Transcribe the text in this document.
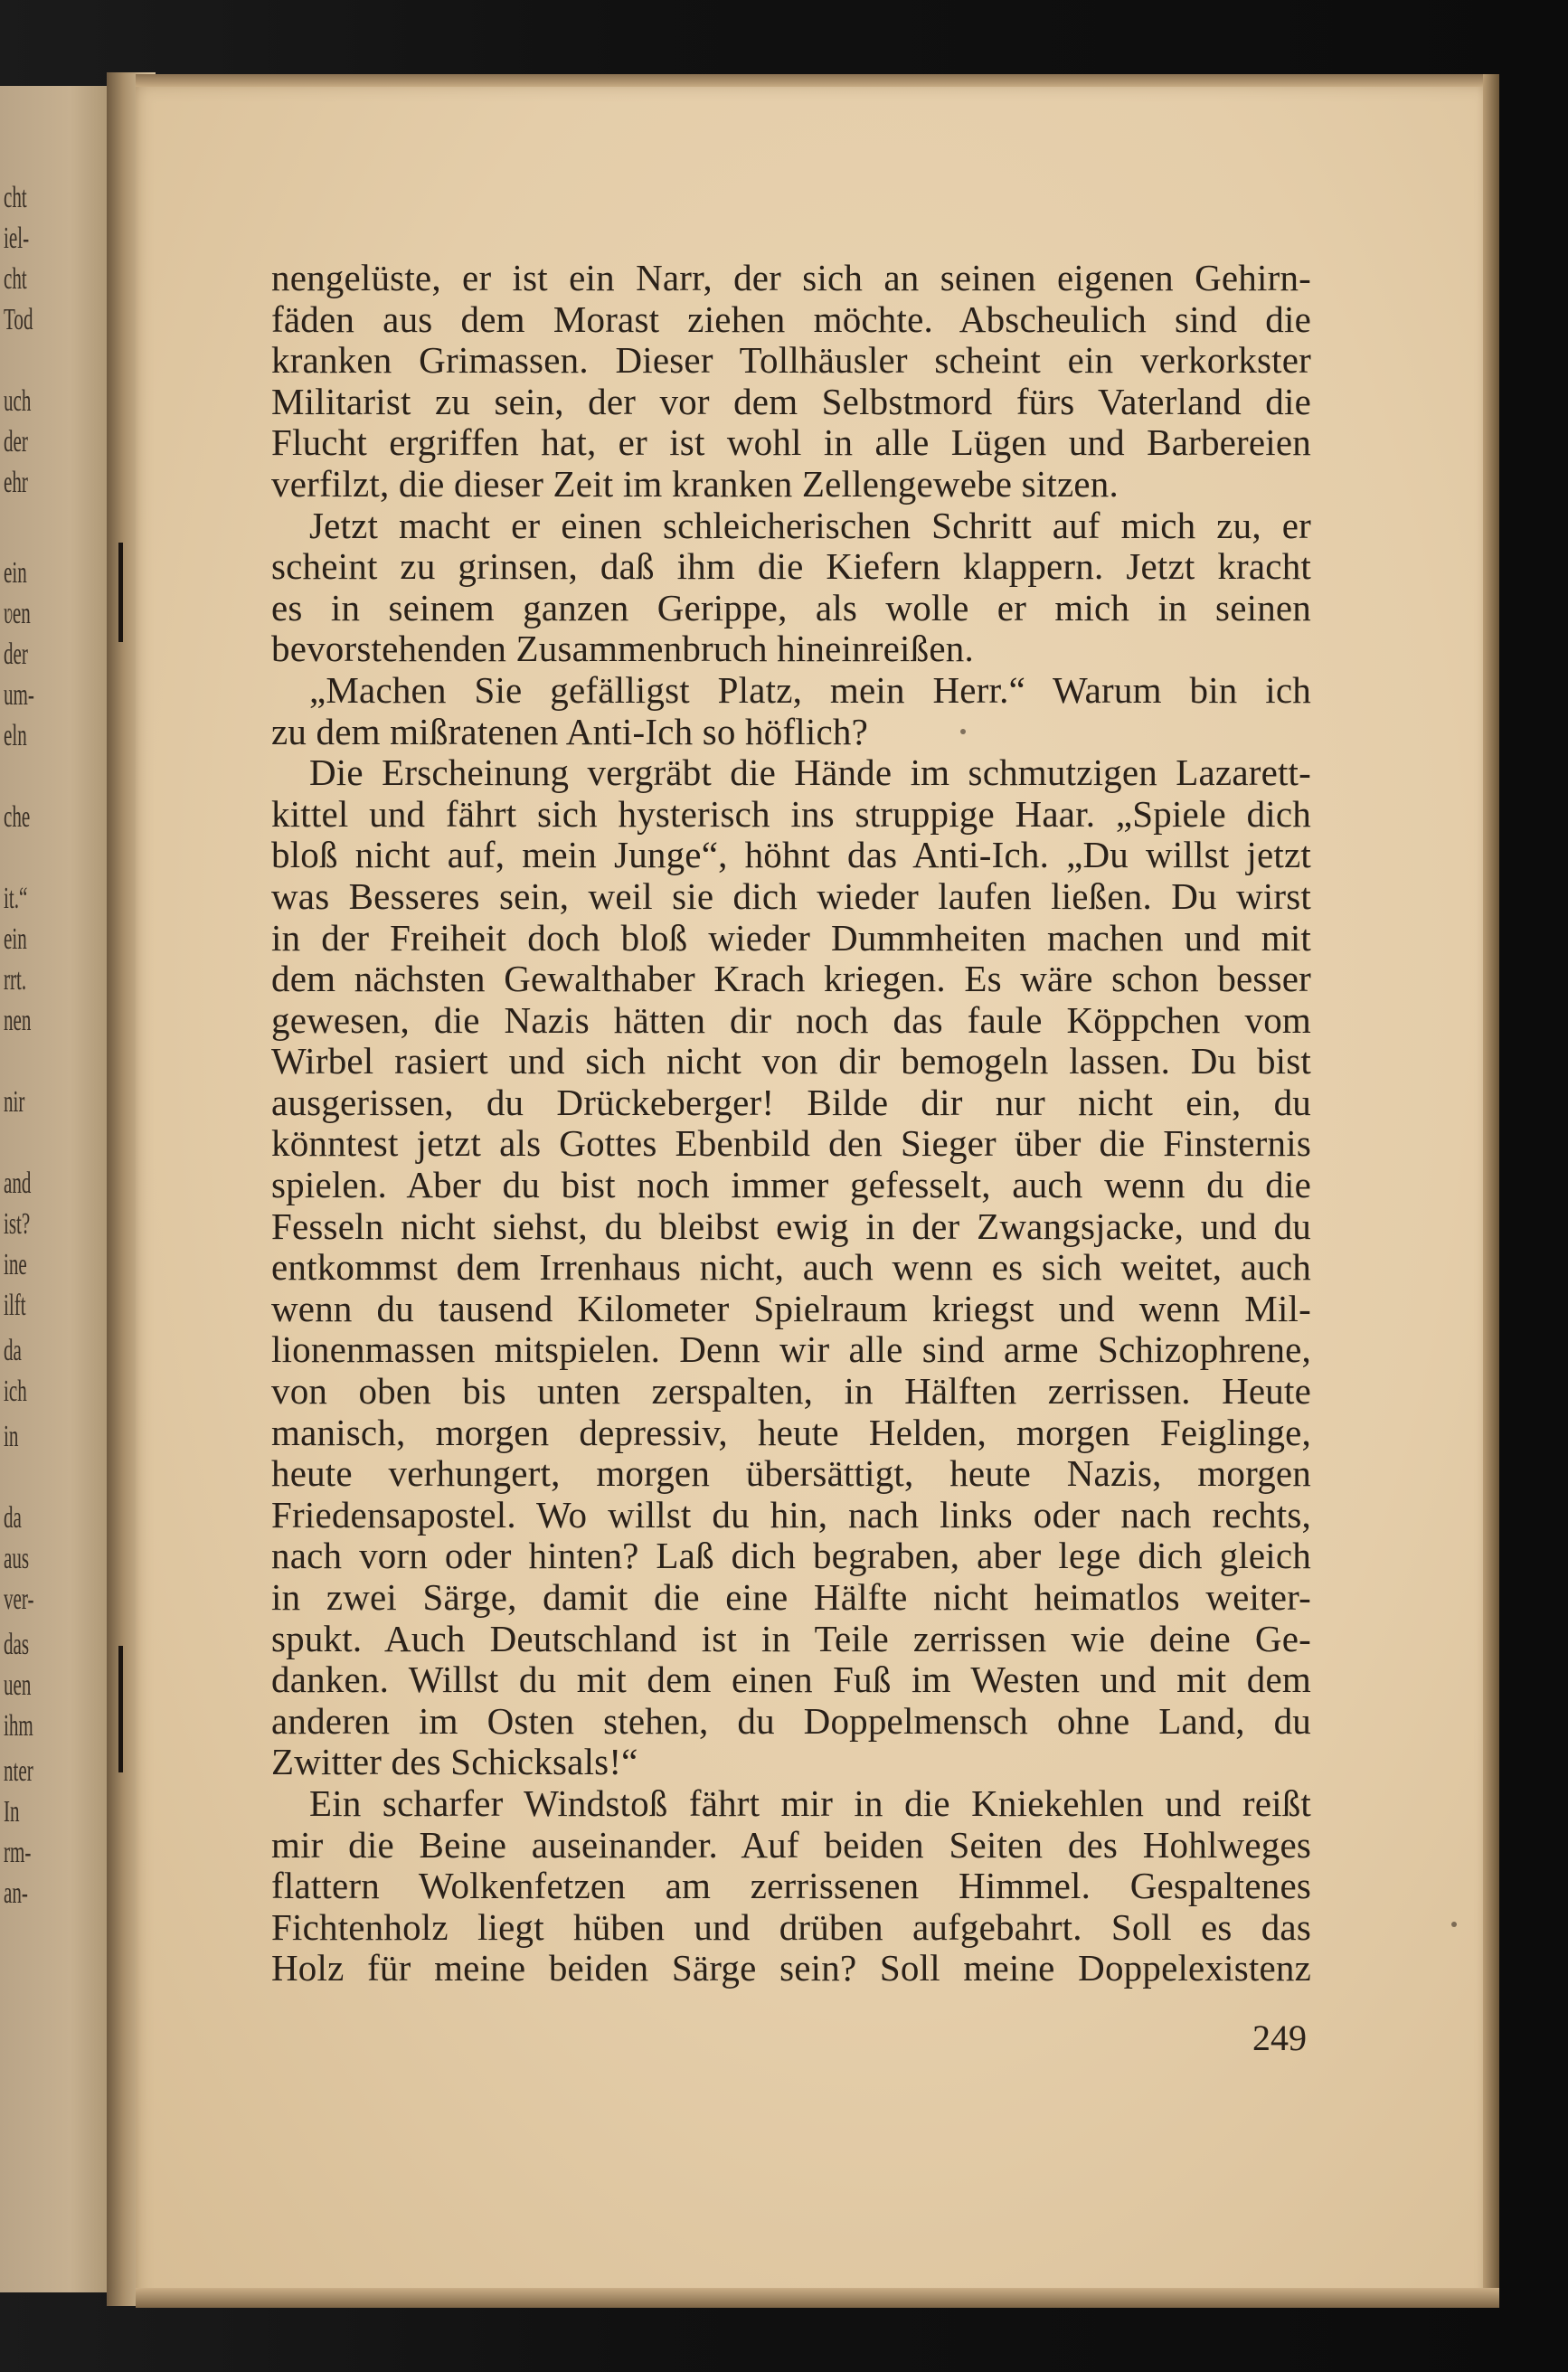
cht
iel-
cht
Tod
uch
der
ehr
ein
ʋen
der
um-
eln
che
it.“
ein
rrt.
nen
nir
and
ist?
ine
ilft
da
ich
in
da
aus
ver-
das
uen
ihm
nter
In
rm-
an-
nengelüste, er ist ein Narr, der sich an seinen eigenen Gehirn-
fäden aus dem Morast ziehen möchte. Abscheulich sind die
kranken Grimassen. Dieser Tollhäusler scheint ein verkorkster
Militarist zu sein, der vor dem Selbstmord fürs Vaterland die
Flucht ergriffen hat, er ist wohl in alle Lügen und Barbereien
verfilzt, die dieser Zeit im kranken Zellengewebe sitzen.
Jetzt macht er einen schleicherischen Schritt auf mich zu, er
scheint zu grinsen, daß ihm die Kiefern klappern. Jetzt kracht
es in seinem ganzen Gerippe, als wolle er mich in seinen
bevorstehenden Zusammenbruch hineinreißen.
„Machen Sie gefälligst Platz, mein Herr.“ Warum bin ich
zu dem mißratenen Anti-Ich so höflich?
Die Erscheinung vergräbt die Hände im schmutzigen Lazarett-
kittel und fährt sich hysterisch ins struppige Haar. „Spiele dich
bloß nicht auf, mein Junge“, höhnt das Anti-Ich. „Du willst jetzt
was Besseres sein, weil sie dich wieder laufen ließen. Du wirst
in der Freiheit doch bloß wieder Dummheiten machen und mit
dem nächsten Gewalthaber Krach kriegen. Es wäre schon besser
gewesen, die Nazis hätten dir noch das faule Köppchen vom
Wirbel rasiert und sich nicht von dir bemogeln lassen. Du bist
ausgerissen, du Drückeberger! Bilde dir nur nicht ein, du
könntest jetzt als Gottes Ebenbild den Sieger über die Finsternis
spielen. Aber du bist noch immer gefesselt, auch wenn du die
Fesseln nicht siehst, du bleibst ewig in der Zwangsjacke, und du
entkommst dem Irrenhaus nicht, auch wenn es sich weitet, auch
wenn du tausend Kilometer Spielraum kriegst und wenn Mil-
lionenmassen mitspielen. Denn wir alle sind arme Schizophrene,
von oben bis unten zerspalten, in Hälften zerrissen. Heute
manisch, morgen depressiv, heute Helden, morgen Feiglinge,
heute verhungert, morgen übersättigt, heute Nazis, morgen
Friedensapostel. Wo willst du hin, nach links oder nach rechts,
nach vorn oder hinten? Laß dich begraben, aber lege dich gleich
in zwei Särge, damit die eine Hälfte nicht heimatlos weiter-
spukt. Auch Deutschland ist in Teile zerrissen wie deine Ge-
danken. Willst du mit dem einen Fuß im Westen und mit dem
anderen im Osten stehen, du Doppelmensch ohne Land, du
Zwitter des Schicksals!“
Ein scharfer Windstoß fährt mir in die Kniekehlen und reißt
mir die Beine auseinander. Auf beiden Seiten des Hohlweges
flattern Wolkenfetzen am zerrissenen Himmel. Gespaltenes
Fichtenholz liegt hüben und drüben aufgebahrt. Soll es das
Holz für meine beiden Särge sein? Soll meine Doppelexistenz
249
